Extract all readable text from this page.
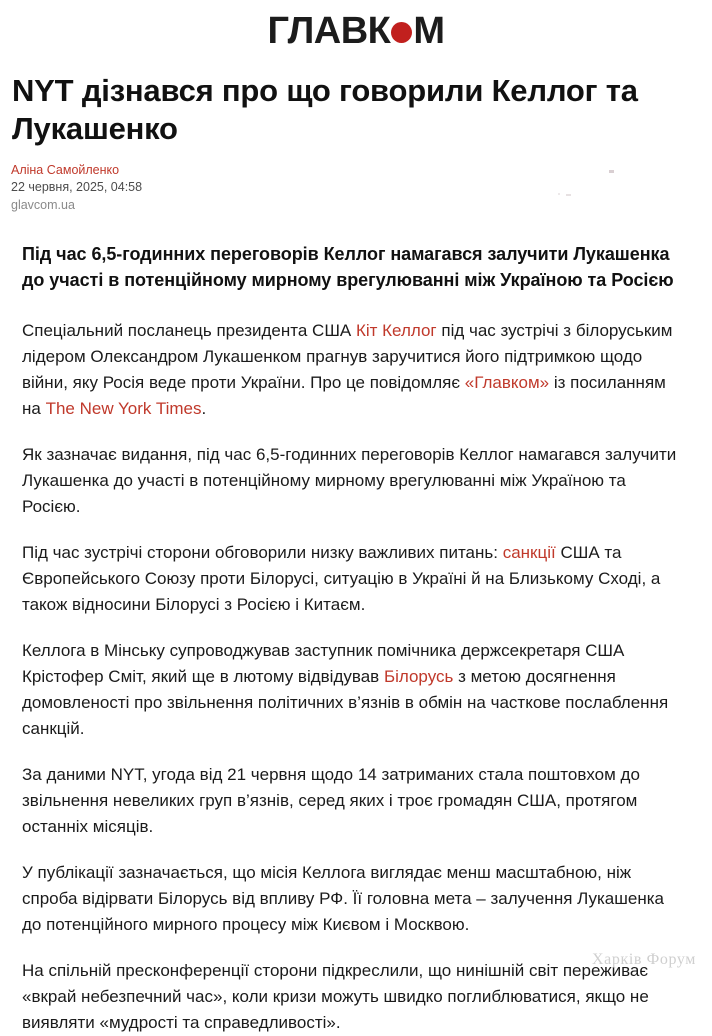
ГЛАВК М
NYT дізнався про що говорили Келлог та Лукашенко
Аліна Самойленко
22 червня, 2025, 04:58
glavcom.ua

Під час 6,5-годинних переговорів Келлог намагався залучити Лукашенка до участі в потенційному мирному врегулюванні між Україною та Росією

Спеціальний посланець президента США Кіт Келлог під час зустрічі з білоруським лідером Олександром Лукашенком прагнув заручитися його підтримкою щодо війни, яку Росія веде проти України. Про це повідомляє «Главком» із посиланням на The New York Times.

Як зазначає видання, під час 6,5-годинних переговорів Келлог намагався залучити Лукашенка до участі в потенційному мирному врегулюванні між Україною та Росією.

Під час зустрічі сторони обговорили низку важливих питань: санкції США та Європейського Союзу проти Білорусі, ситуацію в Україні й на Близькому Сході, а також відносини Білорусі з Росією і Китаєм.

Келлога в Мінську супроводжував заступник помічника держсекретаря США Крістофер Сміт, який ще в лютому відвідував Білорусь з метою досягнення домовленості про звільнення політичних в’язнів в обмін на часткове послаблення санкцій.

За даними NYT, угода від 21 червня щодо 14 затриманих стала поштовхом до звільнення невеликих груп в’язнів, серед яких і троє громадян США, протягом останніх місяців.

У публікації зазначається, що місія Келлога виглядає менш масштабною, ніж спроба відірвати Білорусь від впливу РФ. Її головна мета – залучення Лукашенка до потенційного мирного процесу між Києвом і Москвою.

На спільній пресконференції сторони підкреслили, що нинішній світ переживає «вкрай небезпечний час», коли кризи можуть швидко поглиблюватися, якщо не виявляти «мудрості та справедливості».

Харків Форум
